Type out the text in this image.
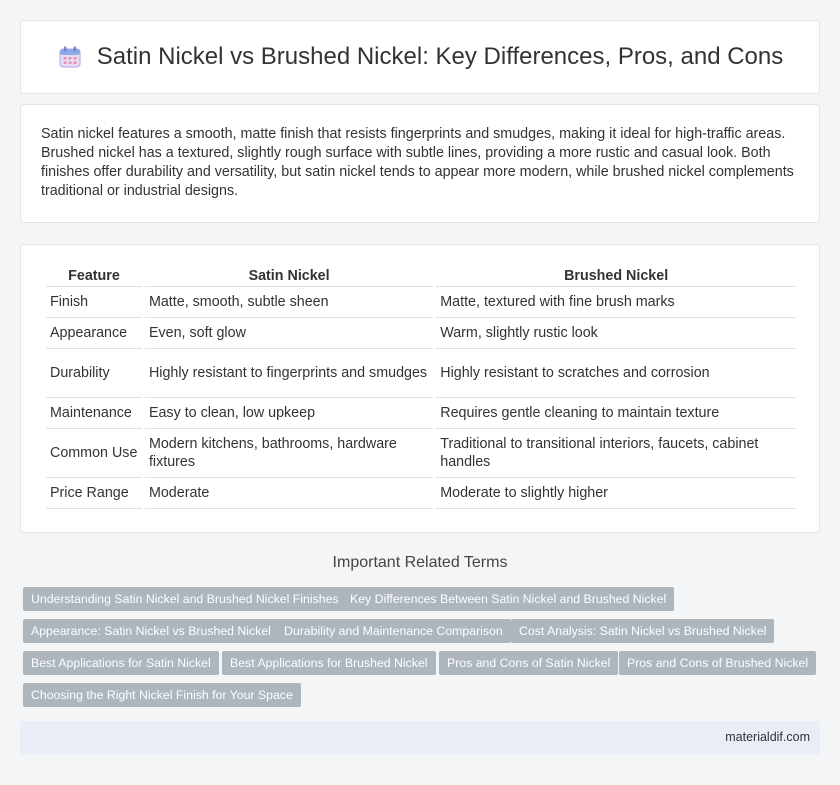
Satin Nickel vs Brushed Nickel: Key Differences, Pros, and Cons

Satin nickel features a smooth, matte finish that resists fingerprints and smudges, making it ideal for high-traffic areas. Brushed nickel has a textured, slightly rough surface with subtle lines, providing a more rustic and casual look. Both finishes offer durability and versatility, but satin nickel tends to appear more modern, while brushed nickel complements traditional or industrial designs.

Feature	Satin Nickel	Brushed Nickel
Finish	Matte, smooth, subtle sheen	Matte, textured with fine brush marks
Appearance	Even, soft glow	Warm, slightly rustic look
Durability	Highly resistant to fingerprints and smudges	Highly resistant to scratches and corrosion
Maintenance	Easy to clean, low upkeep	Requires gentle cleaning to maintain texture
Common Use	Modern kitchens, bathrooms, hardware fixtures	Traditional to transitional interiors, faucets, cabinet handles
Price Range	Moderate	Moderate to slightly higher
Important Related Terms
Understanding Satin Nickel and Brushed Nickel Finishes Key Differences Between Satin Nickel and Brushed Nickel
Appearance: Satin Nickel vs Brushed Nickel	Durability and Maintenance Comparison	Cost Analysis: Satin Nickel vs Brushed Nickel
Best Applications for Satin Nickel	Best Applications for Brushed Nickel	Pros and Cons of Satin Nickel	Pros and Cons of Brushed Nickel
Choosing the Right Nickel Finish for Your Space
materialdif.com
